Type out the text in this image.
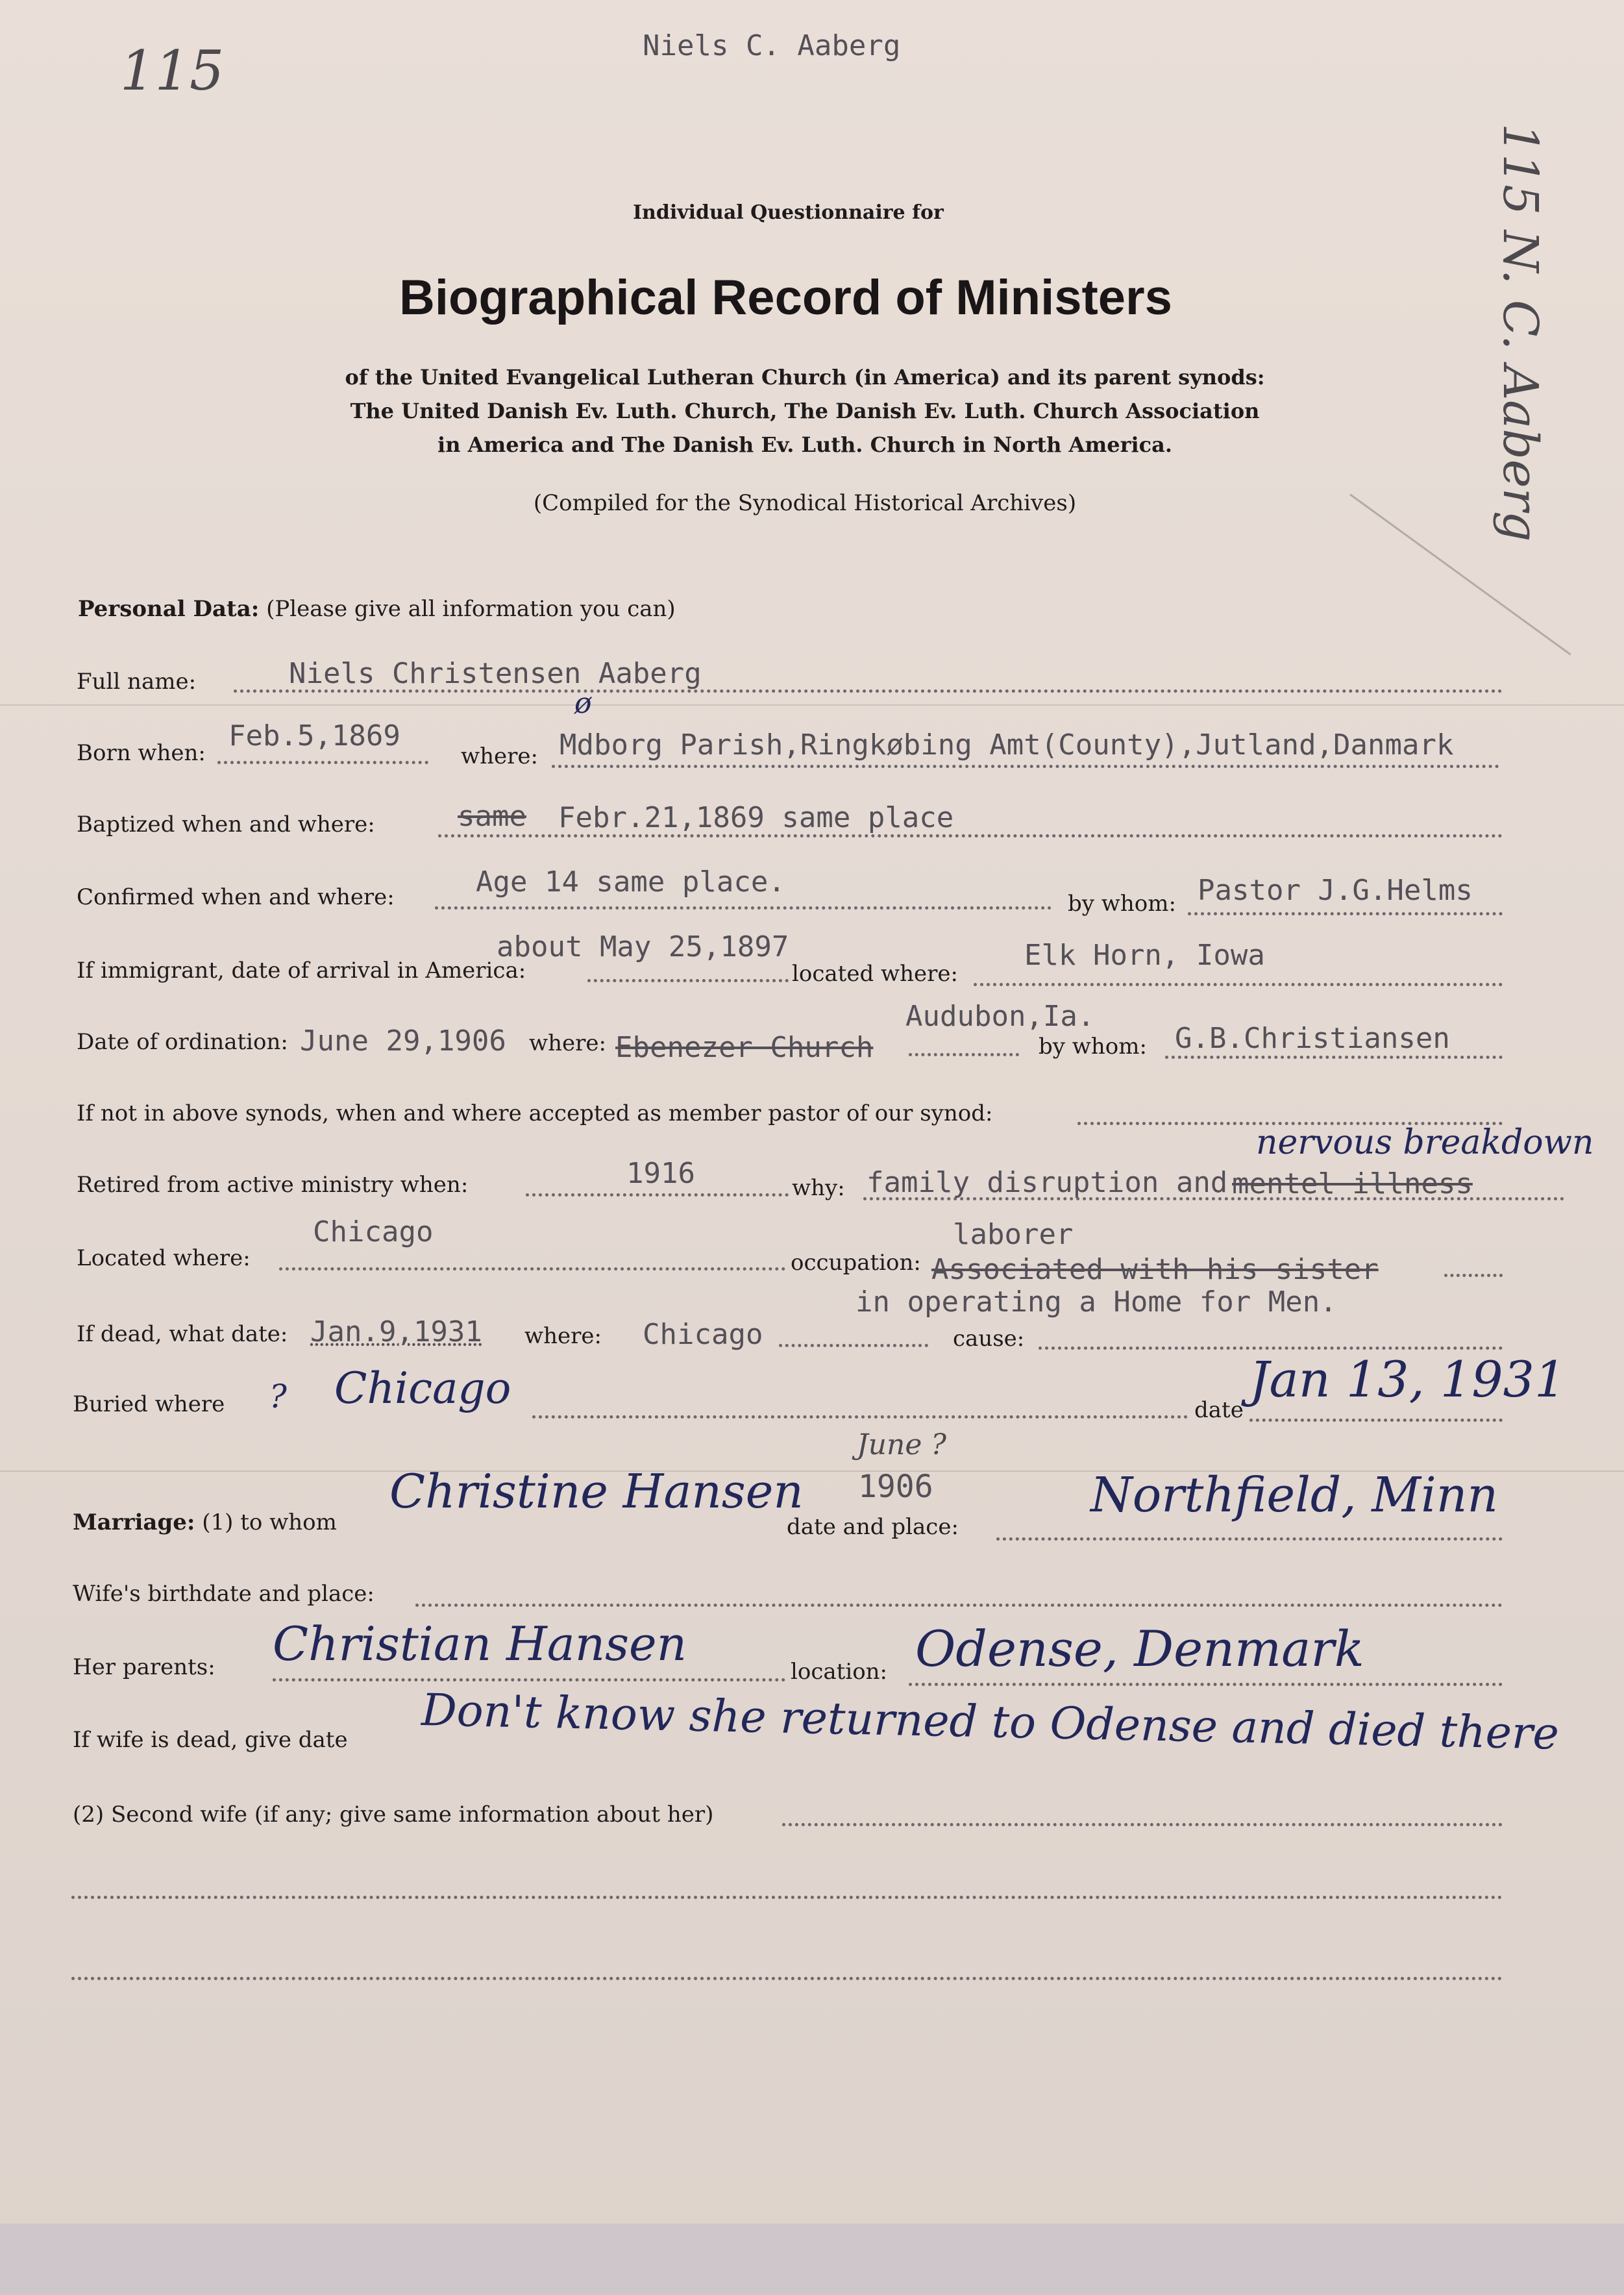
Niels C. Aaberg
115
115 N. C. Aaberg
Individual Questionnaire for
Biographical Record of Ministers
of the United Evangelical Lutheran Church (in America) and its parent synods:
The United Danish Ev. Luth. Church, The Danish Ev. Luth. Church Association
in America and The Danish Ev. Luth. Church in North America.
(Compiled for the Synodical Historical Archives)
Personal Data: (Please give all information you can)
Full name:	Niels Christensen Aaberg
Born when:
Feb.5,1869
where: Mdborg Parish,Ringkøbing Amt(County),Jutland,Danmark
ø
Baptized when and where:	same Febr.21,1869 same place
Confirmed when and where:	Age 14 same place.
by whom: Pastor J.G.Helms
If immigrant, date of arrival in America:
about May 25,1897
located where:
Elk Horn, Iowa
Date of ordination: June 29,1906 where:
Audubon,Ia.
Ebenezer Church	by whom: G.B.Christiansen
If not in above synods, when and where accepted as member pastor of our synod:
Retired from active ministry when:	1916	why: family disruption and mentel illness
nervous breakdown
Located where:
Chicago
occupation:
laborer
Associated with his sister
in operating a Home for Men.
If dead, what date: Jan.9,1931 where: Chicago	cause:
Buried where ? Chicago	date
Jan 13, 1931
Marriage: (1) to whom
Christine Hansen
June ?
1906
date and place:
Northfield, Minn
Wife's birthdate and place:
Her parents: Christian Hansen
location: Odense, Denmark
If wife is dead, give date Don't know she returned to Odense and died there
(2) Second wife (if any; give same information about her)
